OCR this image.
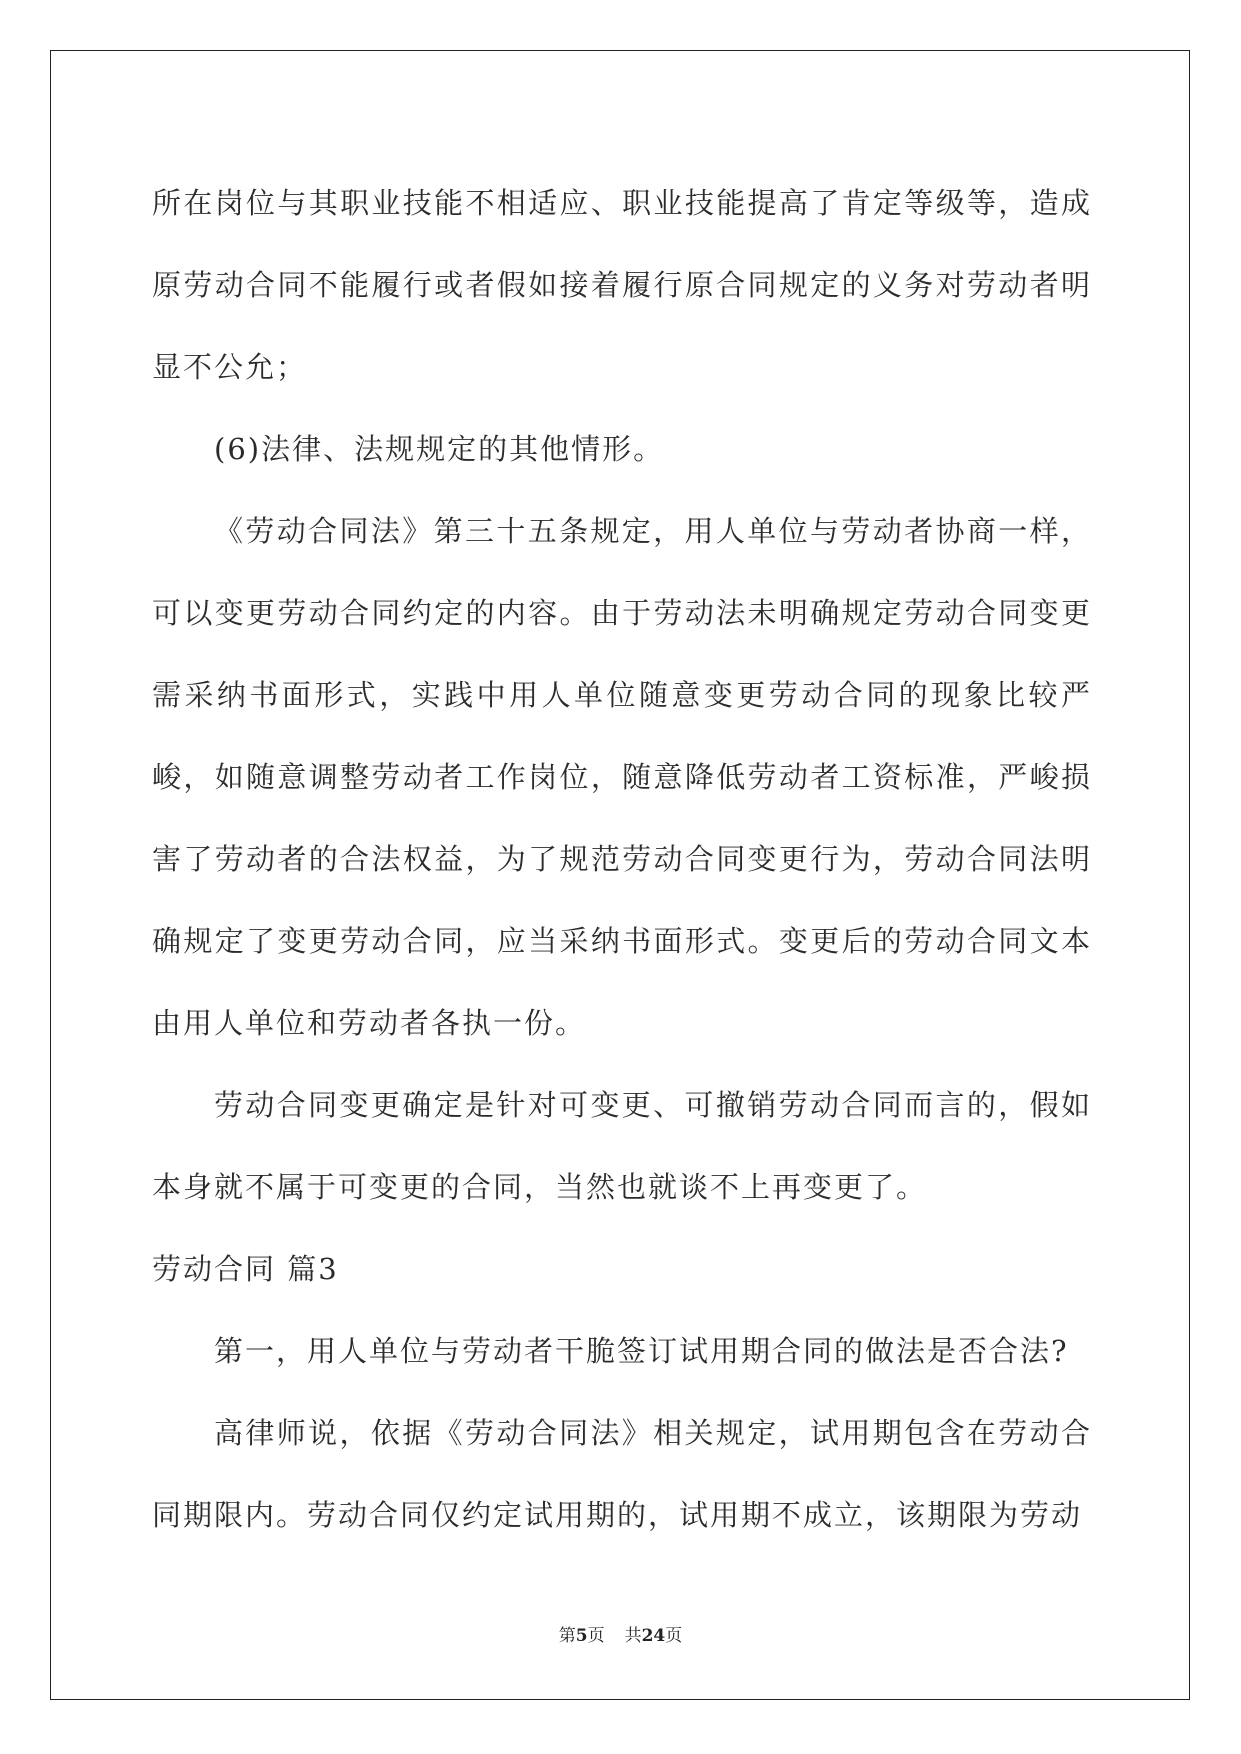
所在岗位与其职业技能不相适应、职业技能提高了肯定等级等，造成原劳动合同不能履行或者假如接着履行原合同规定的义务对劳动者明显不公允；

(6)法律、法规规定的其他情形。

《劳动合同法》第三十五条规定，用人单位与劳动者协商一样，可以变更劳动合同约定的内容。由于劳动法未明确规定劳动合同变更需采纳书面形式，实践中用人单位随意变更劳动合同的现象比较严峻，如随意调整劳动者工作岗位，随意降低劳动者工资标准，严峻损害了劳动者的合法权益，为了规范劳动合同变更行为，劳动合同法明确规定了变更劳动合同，应当采纳书面形式。变更后的劳动合同文本由用人单位和劳动者各执一份。

劳动合同变更确定是针对可变更、可撤销劳动合同而言的，假如本身就不属于可变更的合同，当然也就谈不上再变更了。

劳动合同 篇3

第一，用人单位与劳动者干脆签订试用期合同的做法是否合法?

高律师说，依据《劳动合同法》相关规定，试用期包含在劳动合同期限内。劳动合同仅约定试用期的，试用期不成立，该期限为劳动

第5页 共24页
